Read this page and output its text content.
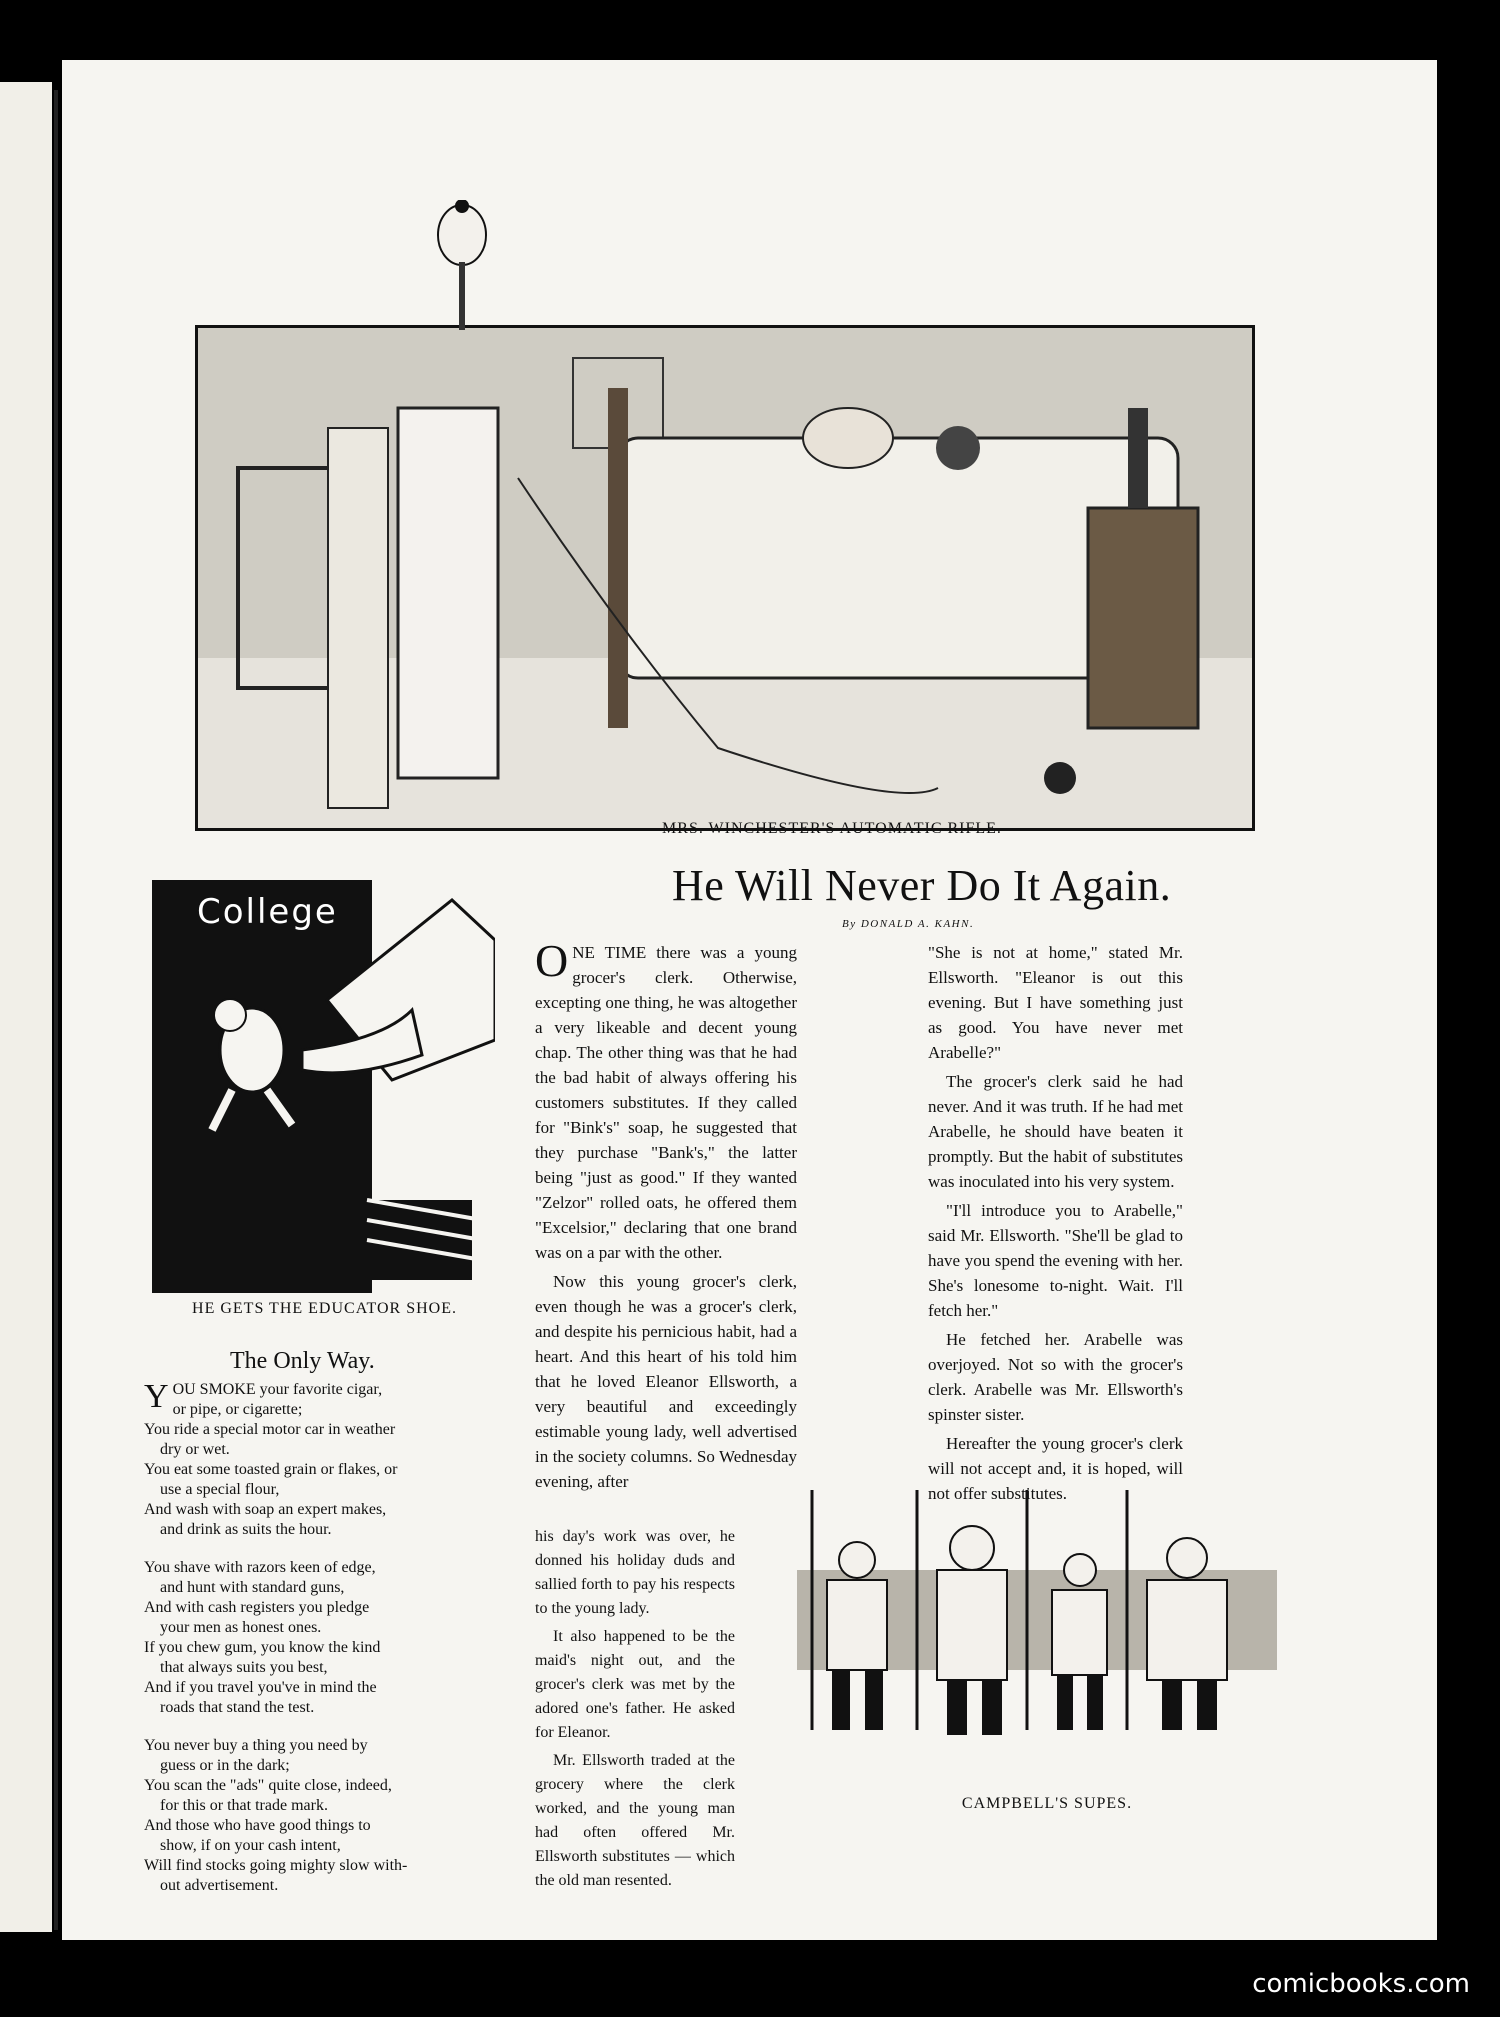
MRS. WINCHESTER'S AUTOMATIC RIFLE.
College
HE GETS THE EDUCATOR SHOE.
The Only Way.
YOU SMOKE your favorite cigar,
or pipe, or cigarette;
You ride a special motor car in weather
dry or wet.
You eat some toasted grain or flakes, or
use a special flour,
And wash with soap an expert makes,
and drink as suits the hour.
You shave with razors keen of edge,
and hunt with standard guns,
And with cash registers you pledge
your men as honest ones.
If you chew gum, you know the kind
that always suits you best,
And if you travel you've in mind the
roads that stand the test.
You never buy a thing you need by
guess or in the dark;
You scan the "ads" quite close, indeed,
for this or that trade mark.
And those who have good things to
show, if on your cash intent,
Will find stocks going mighty slow with-
out advertisement.
He Will Never Do It Again.
By DONALD A. KAHN.

ONE TIME there was a young grocer's clerk. Otherwise, excepting one thing, he was altogether a very likeable and decent young chap. The other thing was that he had the bad habit of always offering his customers substitutes. If they called for "Bink's" soap, he suggested that they purchase "Bank's," the latter being "just as good." If they wanted "Zelzor" rolled oats, he offered them "Excelsior," declaring that one brand was on a par with the other.

Now this young grocer's clerk, even though he was a grocer's clerk, and despite his pernicious habit, had a heart. And this heart of his told him that he loved Eleanor Ellsworth, a very beautiful and exceedingly estimable young lady, well advertised in the society columns. So Wednesday evening, after

his day's work was over, he donned his holiday duds and sallied forth to pay his respects to the young lady.

It also happened to be the maid's night out, and the grocer's clerk was met by the adored one's father. He asked for Eleanor.

Mr. Ellsworth traded at the grocery where the clerk worked, and the young man had often offered Mr. Ellsworth substitutes — which the old man resented.

"She is not at home," stated Mr. Ellsworth. "Eleanor is out this evening. But I have something just as good. You have never met Arabelle?"

The grocer's clerk said he had never. And it was truth. If he had met Arabelle, he should have beaten it promptly. But the habit of substitutes was inoculated into his very system.

"I'll introduce you to Arabelle," said Mr. Ellsworth. "She'll be glad to have you spend the evening with her. She's lonesome to-night. Wait. I'll fetch her."

He fetched her. Arabelle was overjoyed. Not so with the grocer's clerk. Arabelle was Mr. Ellsworth's spinster sister.

Hereafter the young grocer's clerk will not accept and, it is hoped, will not offer substitutes.

CAMPBELL'S SUPES.
comicbooks.com
